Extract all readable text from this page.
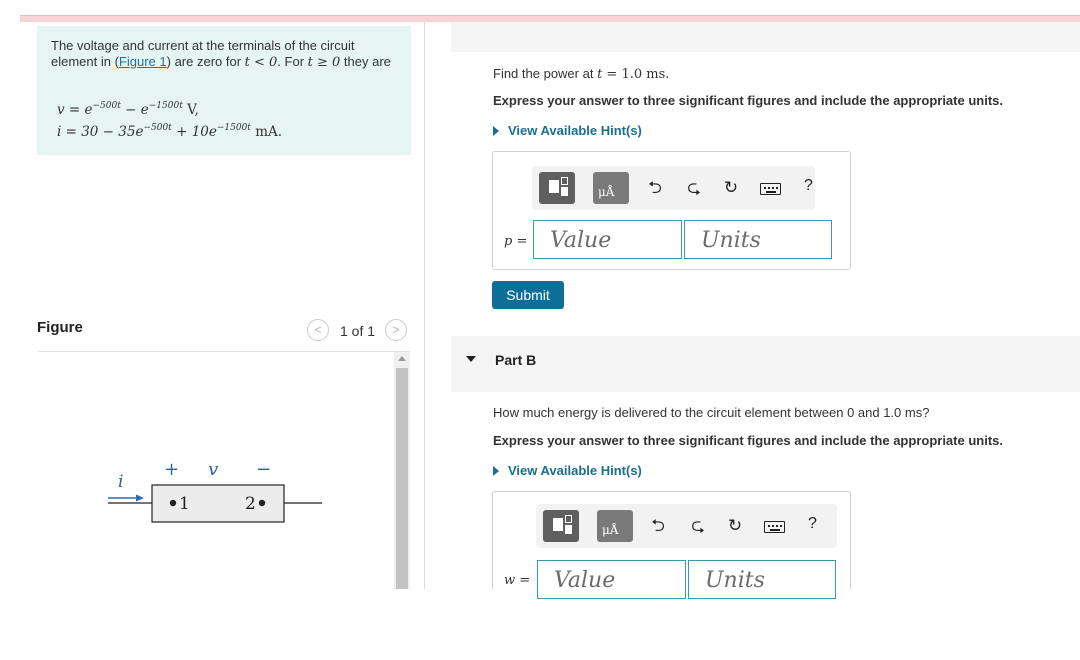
The voltage and current at the terminals of the circuit element in (Figure 1) are zero for t < 0. For t ≥ 0 they are

$v = e^{-500t} - e^{-1500t}$ V,
$i = 30 - 35e^{-500t} + 10e^{-1500t}$ mA.
Figure	<	1 of 1	>
i
+ v −
1	2
Find the power at t = 1.0 ms.
Express your answer to three significant figures and include the appropriate units.
View Available Hint(s)
μÅ	⮌	⮎	↻	?
p =	Value	Units
Submit
Part B
How much energy is delivered to the circuit element between 0 and 1.0 ms?
Express your answer to three significant figures and include the appropriate units.
View Available Hint(s)
μÅ	⮌	⮎	↻	?
w =	Value	Units
